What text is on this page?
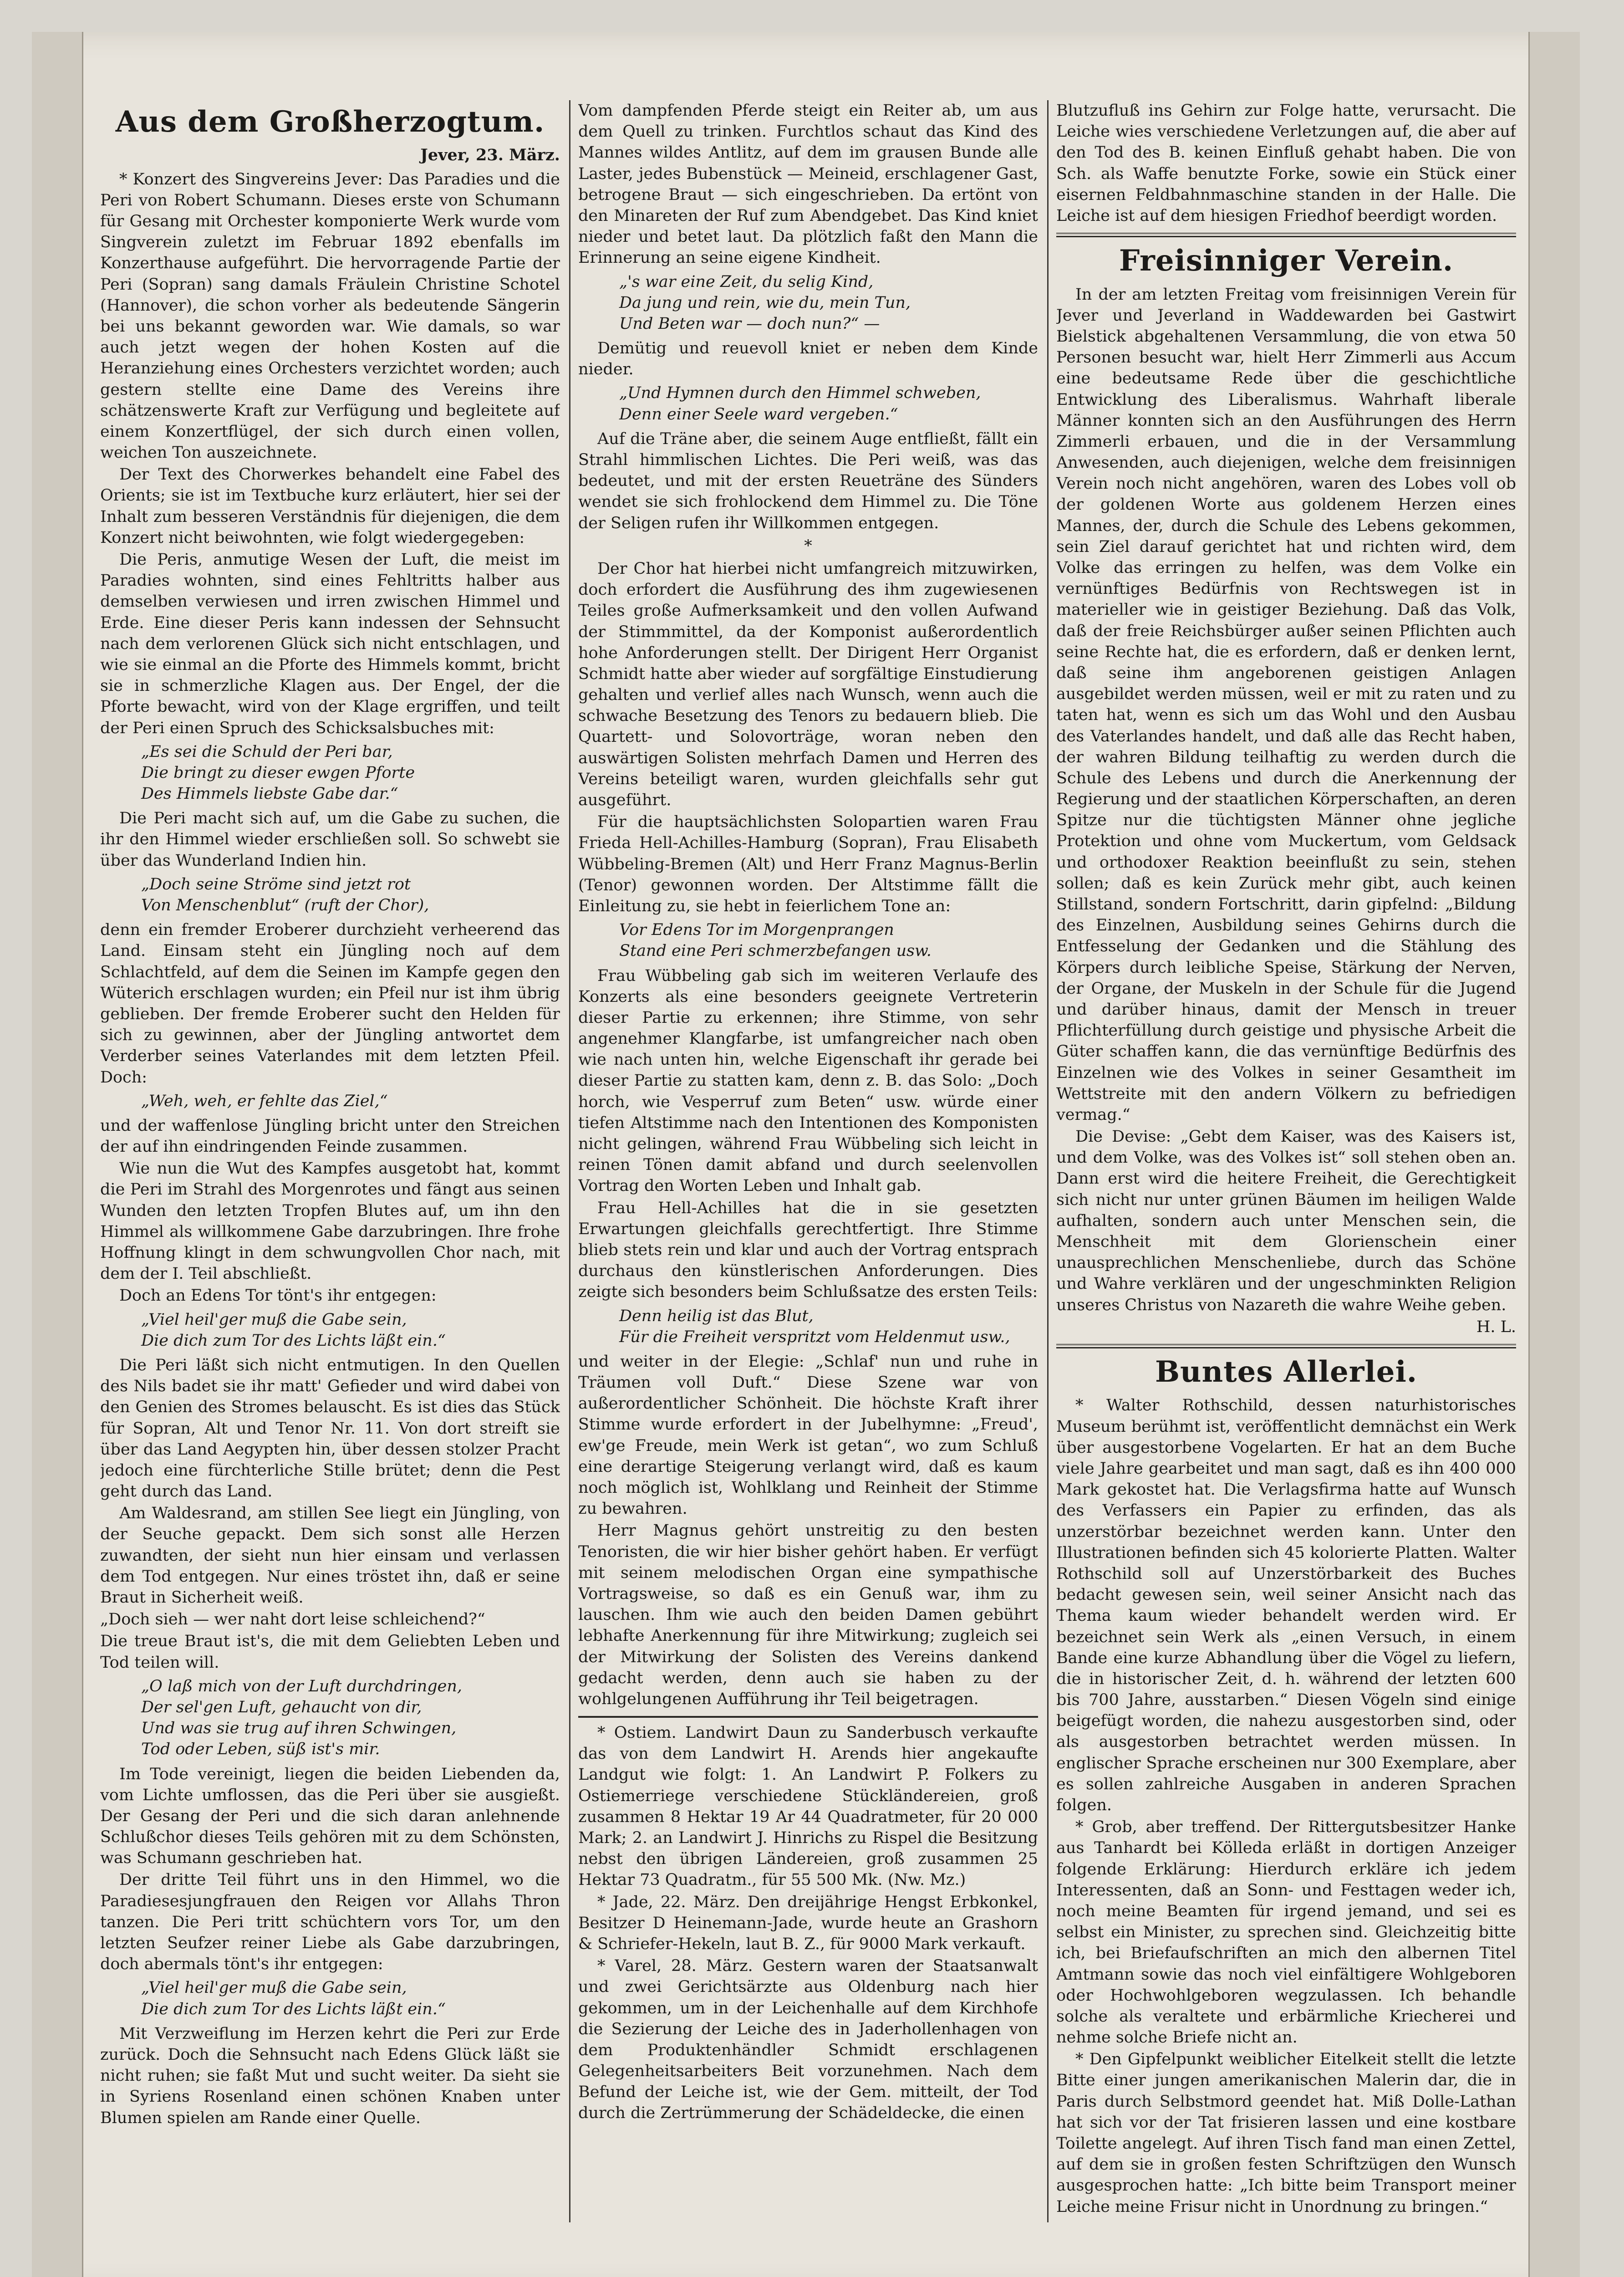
Aus dem Großherzogtum.
Jever, 23. März.

* Konzert des Singvereins Jever: Das Paradies und die Peri von Robert Schumann. Dieses erste von Schumann für Gesang mit Orchester komponierte Werk wurde vom Singverein zuletzt im Februar 1892 ebenfalls im Konzerthause aufgeführt. Die hervorragende Partie der Peri (Sopran) sang damals Fräulein Christine Schotel (Hannover), die schon vorher als bedeutende Sängerin bei uns bekannt geworden war. Wie damals, so war auch jetzt wegen der hohen Kosten auf die Heranziehung eines Orchesters verzichtet worden; auch gestern stellte eine Dame des Vereins ihre schätzenswerte Kraft zur Verfügung und begleitete auf einem Konzertflügel, der sich durch einen vollen, weichen Ton auszeichnete.

Der Text des Chorwerkes behandelt eine Fabel des Orients; sie ist im Textbuche kurz erläutert, hier sei der Inhalt zum besseren Verständnis für diejenigen, die dem Konzert nicht beiwohnten, wie folgt wiedergegeben:

Die Peris, anmutige Wesen der Luft, die meist im Paradies wohnten, sind eines Fehltritts halber aus demselben verwiesen und irren zwischen Himmel und Erde. Eine dieser Peris kann indessen der Sehnsucht nach dem verlorenen Glück sich nicht entschlagen, und wie sie einmal an die Pforte des Himmels kommt, bricht sie in schmerzliche Klagen aus. Der Engel, der die Pforte bewacht, wird von der Klage ergriffen, und teilt der Peri einen Spruch des Schicksalsbuches mit:

„Es sei die Schuld der Peri bar,
Die bringt zu dieser ewgen Pforte
Des Himmels liebste Gabe dar.“

Die Peri macht sich auf, um die Gabe zu suchen, die ihr den Himmel wieder erschließen soll. So schwebt sie über das Wunderland Indien hin.

„Doch seine Ströme sind jetzt rot
Von Menschenblut“ (ruft der Chor),

denn ein fremder Eroberer durchzieht verheerend das Land. Einsam steht ein Jüngling noch auf dem Schlachtfeld, auf dem die Seinen im Kampfe gegen den Wüterich erschlagen wurden; ein Pfeil nur ist ihm übrig geblieben. Der fremde Eroberer sucht den Helden für sich zu gewinnen, aber der Jüngling antwortet dem Verderber seines Vaterlandes mit dem letzten Pfeil. Doch:

„Weh, weh, er fehlte das Ziel,“

und der waffenlose Jüngling bricht unter den Streichen der auf ihn eindringenden Feinde zusammen.

Wie nun die Wut des Kampfes ausgetobt hat, kommt die Peri im Strahl des Morgenrotes und fängt aus seinen Wunden den letzten Tropfen Blutes auf, um ihn den Himmel als willkommene Gabe darzubringen. Ihre frohe Hoffnung klingt in dem schwungvollen Chor nach, mit dem der I. Teil abschließt.

Doch an Edens Tor tönt's ihr entgegen:

„Viel heil'ger muß die Gabe sein,
Die dich zum Tor des Lichts läßt ein.“

Die Peri läßt sich nicht entmutigen. In den Quellen des Nils badet sie ihr matt' Gefieder und wird dabei von den Genien des Stromes belauscht. Es ist dies das Stück für Sopran, Alt und Tenor Nr. 11. Von dort streift sie über das Land Aegypten hin, über dessen stolzer Pracht jedoch eine fürchterliche Stille brütet; denn die Pest geht durch das Land.

Am Waldesrand, am stillen See liegt ein Jüngling, von der Seuche gepackt. Dem sich sonst alle Herzen zuwandten, der sieht nun hier einsam und verlassen dem Tod entgegen. Nur eines tröstet ihn, daß er seine Braut in Sicherheit weiß.

„Doch sieh — wer naht dort leise schleichend?“

Die treue Braut ist's, die mit dem Geliebten Leben und Tod teilen will.

„O laß mich von der Luft durchdringen,
Der sel'gen Luft, gehaucht von dir,
Und was sie trug auf ihren Schwingen,
Tod oder Leben, süß ist's mir.

Im Tode vereinigt, liegen die beiden Liebenden da, vom Lichte umflossen, das die Peri über sie ausgießt. Der Gesang der Peri und die sich daran anlehnende Schlußchor dieses Teils gehören mit zu dem Schönsten, was Schumann geschrieben hat.

Der dritte Teil führt uns in den Himmel, wo die Paradiesesjungfrauen den Reigen vor Allahs Thron tanzen. Die Peri tritt schüchtern vors Tor, um den letzten Seufzer reiner Liebe als Gabe darzubringen, doch abermals tönt's ihr entgegen:

„Viel heil'ger muß die Gabe sein,
Die dich zum Tor des Lichts läßt ein.“

Mit Verzweiflung im Herzen kehrt die Peri zur Erde zurück. Doch die Sehnsucht nach Edens Glück läßt sie nicht ruhen; sie faßt Mut und sucht weiter. Da sieht sie in Syriens Rosenland einen schönen Knaben unter Blumen spielen am Rande einer Quelle.

Vom dampfenden Pferde steigt ein Reiter ab, um aus dem Quell zu trinken. Furchtlos schaut das Kind des Mannes wildes Antlitz, auf dem im grausen Bunde alle Laster, jedes Bubenstück — Meineid, erschlagener Gast, betrogene Braut — sich eingeschrieben. Da ertönt von den Minareten der Ruf zum Abendgebet. Das Kind kniet nieder und betet laut. Da plötzlich faßt den Mann die Erinnerung an seine eigene Kindheit.

„'s war eine Zeit, du selig Kind,
Da jung und rein, wie du, mein Tun,
Und Beten war — doch nun?“ —

Demütig und reuevoll kniet er neben dem Kinde nieder.

„Und Hymnen durch den Himmel schweben,
Denn einer Seele ward vergeben.“

Auf die Träne aber, die seinem Auge entfließt, fällt ein Strahl himmlischen Lichtes. Die Peri weiß, was das bedeutet, und mit der ersten Reueträne des Sünders wendet sie sich frohlockend dem Himmel zu. Die Töne der Seligen rufen ihr Willkommen entgegen.

*

Der Chor hat hierbei nicht umfangreich mitzuwirken, doch erfordert die Ausführung des ihm zugewiesenen Teiles große Aufmerksamkeit und den vollen Aufwand der Stimmmittel, da der Komponist außerordentlich hohe Anforderungen stellt. Der Dirigent Herr Organist Schmidt hatte aber wieder auf sorgfältige Einstudierung gehalten und verlief alles nach Wunsch, wenn auch die schwache Besetzung des Tenors zu bedauern blieb. Die Quartett- und Solovorträge, woran neben den auswärtigen Solisten mehrfach Damen und Herren des Vereins beteiligt waren, wurden gleichfalls sehr gut ausgeführt.

Für die hauptsächlichsten Solopartien waren Frau Frieda Hell-Achilles-Hamburg (Sopran), Frau Elisabeth Wübbeling-Bremen (Alt) und Herr Franz Magnus-Berlin (Tenor) gewonnen worden. Der Altstimme fällt die Einleitung zu, sie hebt in feierlichem Tone an:

Vor Edens Tor im Morgenprangen
Stand eine Peri schmerzbefangen usw.

Frau Wübbeling gab sich im weiteren Verlaufe des Konzerts als eine besonders geeignete Vertreterin dieser Partie zu erkennen; ihre Stimme, von sehr angenehmer Klangfarbe, ist umfangreicher nach oben wie nach unten hin, welche Eigenschaft ihr gerade bei dieser Partie zu statten kam, denn z. B. das Solo: „Doch horch, wie Vesperruf zum Beten“ usw. würde einer tiefen Altstimme nach den Intentionen des Komponisten nicht gelingen, während Frau Wübbeling sich leicht in reinen Tönen damit abfand und durch seelenvollen Vortrag den Worten Leben und Inhalt gab.

Frau Hell-Achilles hat die in sie gesetzten Erwartungen gleichfalls gerechtfertigt. Ihre Stimme blieb stets rein und klar und auch der Vortrag entsprach durchaus den künstlerischen Anforderungen. Dies zeigte sich besonders beim Schlußsatze des ersten Teils:

Denn heilig ist das Blut,
Für die Freiheit verspritzt vom Heldenmut usw.,

und weiter in der Elegie: „Schlaf' nun und ruhe in Träumen voll Duft.“ Diese Szene war von außerordentlicher Schönheit. Die höchste Kraft ihrer Stimme wurde erfordert in der Jubelhymne: „Freud', ew'ge Freude, mein Werk ist getan“, wo zum Schluß eine derartige Steigerung verlangt wird, daß es kaum noch möglich ist, Wohlklang und Reinheit der Stimme zu bewahren.

Herr Magnus gehört unstreitig zu den besten Tenoristen, die wir hier bisher gehört haben. Er verfügt mit seinem melodischen Organ eine sympathische Vortragsweise, so daß es ein Genuß war, ihm zu lauschen. Ihm wie auch den beiden Damen gebührt lebhafte Anerkennung für ihre Mitwirkung; zugleich sei der Mitwirkung der Solisten des Vereins dankend gedacht werden, denn auch sie haben zu der wohlgelungenen Aufführung ihr Teil beigetragen.

* Ostiem. Landwirt Daun zu Sanderbusch verkaufte das von dem Landwirt H. Arends hier angekaufte Landgut wie folgt: 1. An Landwirt P. Folkers zu Ostiemerriege verschiedene Stückländereien, groß zusammen 8 Hektar 19 Ar 44 Quadratmeter, für 20 000 Mark; 2. an Landwirt J. Hinrichs zu Rispel die Besitzung nebst den übrigen Ländereien, groß zusammen 25 Hektar 73 Quadratm., für 55 500 Mk. (Nw. Mz.)

* Jade, 22. März. Den dreijährige Hengst Erbkonkel, Besitzer D Heinemann-Jade, wurde heute an Grashorn & Schriefer-Hekeln, laut B. Z., für 9000 Mark verkauft.

* Varel, 28. März. Gestern waren der Staatsanwalt und zwei Gerichtsärzte aus Oldenburg nach hier gekommen, um in der Leichenhalle auf dem Kirchhofe die Sezierung der Leiche des in Jaderhollenhagen von dem Produktenhändler Schmidt erschlagenen Gelegenheitsarbeiters Beit vorzunehmen. Nach dem Befund der Leiche ist, wie der Gem. mitteilt, der Tod durch die Zertrümmerung der Schädeldecke, die einen

Blutzufluß ins Gehirn zur Folge hatte, verursacht. Die Leiche wies verschiedene Verletzungen auf, die aber auf den Tod des B. keinen Einfluß gehabt haben. Die von Sch. als Waffe benutzte Forke, sowie ein Stück einer eisernen Feldbahnmaschine standen in der Halle. Die Leiche ist auf dem hiesigen Friedhof beerdigt worden.

Freisinniger Verein.

In der am letzten Freitag vom freisinnigen Verein für Jever und Jeverland in Waddewarden bei Gastwirt Bielstick abgehaltenen Versammlung, die von etwa 50 Personen besucht war, hielt Herr Zimmerli aus Accum eine bedeutsame Rede über die geschichtliche Entwicklung des Liberalismus. Wahrhaft liberale Männer konnten sich an den Ausführungen des Herrn Zimmerli erbauen, und die in der Versammlung Anwesenden, auch diejenigen, welche dem freisinnigen Verein noch nicht angehören, waren des Lobes voll ob der goldenen Worte aus goldenem Herzen eines Mannes, der, durch die Schule des Lebens gekommen, sein Ziel darauf gerichtet hat und richten wird, dem Volke das erringen zu helfen, was dem Volke ein vernünftiges Bedürfnis von Rechtswegen ist in materieller wie in geistiger Beziehung. Daß das Volk, daß der freie Reichsbürger außer seinen Pflichten auch seine Rechte hat, die es erfordern, daß er denken lernt, daß seine ihm angeborenen geistigen Anlagen ausgebildet werden müssen, weil er mit zu raten und zu taten hat, wenn es sich um das Wohl und den Ausbau des Vaterlandes handelt, und daß alle das Recht haben, der wahren Bildung teilhaftig zu werden durch die Schule des Lebens und durch die Anerkennung der Regierung und der staatlichen Körperschaften, an deren Spitze nur die tüchtigsten Männer ohne jegliche Protektion und ohne vom Muckertum, vom Geldsack und orthodoxer Reaktion beeinflußt zu sein, stehen sollen; daß es kein Zurück mehr gibt, auch keinen Stillstand, sondern Fortschritt, darin gipfelnd: „Bildung des Einzelnen, Ausbildung seines Gehirns durch die Entfesselung der Gedanken und die Stählung des Körpers durch leibliche Speise, Stärkung der Nerven, der Organe, der Muskeln in der Schule für die Jugend und darüber hinaus, damit der Mensch in treuer Pflichterfüllung durch geistige und physische Arbeit die Güter schaffen kann, die das vernünftige Bedürfnis des Einzelnen wie des Volkes in seiner Gesamtheit im Wettstreite mit den andern Völkern zu befriedigen vermag.“

Die Devise: „Gebt dem Kaiser, was des Kaisers ist, und dem Volke, was des Volkes ist“ soll stehen oben an. Dann erst wird die heitere Freiheit, die Gerechtigkeit sich nicht nur unter grünen Bäumen im heiligen Walde aufhalten, sondern auch unter Menschen sein, die Menschheit mit dem Glorienschein einer unausprechlichen Menschenliebe, durch das Schöne und Wahre verklären und der ungeschminkten Religion unseres Christus von Nazareth die wahre Weihe geben.

H. L.
Buntes Allerlei.

* Walter Rothschild, dessen naturhistorisches Museum berühmt ist, veröffentlicht demnächst ein Werk über ausgestorbene Vogelarten. Er hat an dem Buche viele Jahre gearbeitet und man sagt, daß es ihn 400 000 Mark gekostet hat. Die Verlagsfirma hatte auf Wunsch des Verfassers ein Papier zu erfinden, das als unzerstörbar bezeichnet werden kann. Unter den Illustrationen befinden sich 45 kolorierte Platten. Walter Rothschild soll auf Unzerstörbarkeit des Buches bedacht gewesen sein, weil seiner Ansicht nach das Thema kaum wieder behandelt werden wird. Er bezeichnet sein Werk als „einen Versuch, in einem Bande eine kurze Abhandlung über die Vögel zu liefern, die in historischer Zeit, d. h. während der letzten 600 bis 700 Jahre, ausstarben.“ Diesen Vögeln sind einige beigefügt worden, die nahezu ausgestorben sind, oder als ausgestorben betrachtet werden müssen. In englischer Sprache erscheinen nur 300 Exemplare, aber es sollen zahlreiche Ausgaben in anderen Sprachen folgen.

* Grob, aber treffend. Der Rittergutsbesitzer Hanke aus Tanhardt bei Kölleda erläßt in dortigen Anzeiger folgende Erklärung: Hierdurch erkläre ich jedem Interessenten, daß an Sonn- und Festtagen weder ich, noch meine Beamten für irgend jemand, und sei es selbst ein Minister, zu sprechen sind. Gleichzeitig bitte ich, bei Briefaufschriften an mich den albernen Titel Amtmann sowie das noch viel einfältigere Wohlgeboren oder Hochwohlgeboren wegzulassen. Ich behandle solche als veraltete und erbärmliche Kriecherei und nehme solche Briefe nicht an.

* Den Gipfelpunkt weiblicher Eitelkeit stellt die letzte Bitte einer jungen amerikanischen Malerin dar, die in Paris durch Selbstmord geendet hat. Miß Dolle-Lathan hat sich vor der Tat frisieren lassen und eine kostbare Toilette angelegt. Auf ihren Tisch fand man einen Zettel, auf dem sie in großen festen Schriftzügen den Wunsch ausgesprochen hatte: „Ich bitte beim Transport meiner Leiche meine Frisur nicht in Unordnung zu bringen.“
